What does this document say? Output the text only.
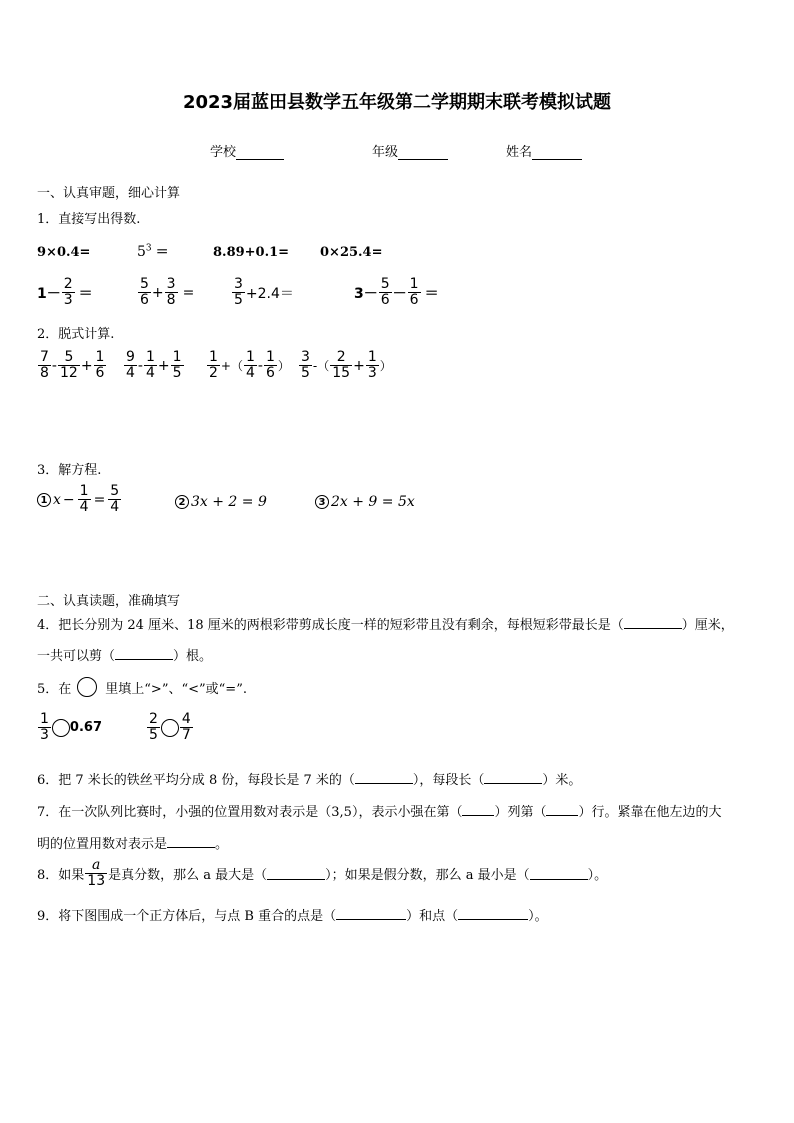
2023届蓝田县数学五年级第二学期期末联考模拟试题
学校	年级	姓名
一、认真审题，细心计算
1．直接写出得数.
9×0.4=	$5^3$ ＝	8.89+0.1= 0×25.4=
$1- \frac{2}{3}$ ＝	$\frac{5}{6} + \frac{3}{8}$ =	$\frac{3}{5} +2.4=$	$3- \frac{5}{6} - \frac{1}{6}$ ＝
2．脱式计算.
$\frac{7}{8} - \frac{5}{12} + \frac{1}{6} \frac{9}{4} - \frac{1}{4} + \frac{1}{5} \frac{1}{2}$ +（ $\frac{1}{4} - \frac{1}{6}$ ） $\frac{3}{5}$ -（ $\frac{2}{15} + \frac{1}{3}$ ）
3．解方程.
1 $x - \frac{1}{4} = \frac{5}{4}$	2 3x + 2 = 9	3 2x + 9 = 5x
二、认真读题，准确填写
4．把长分别为 24 厘米、18 厘米的两根彩带剪成长度一样的短彩带且没有剩余，每根短彩带最长是（	）厘米，
一共可以剪（	）根。
5．在	里填上“>”、“<”或“=”.
$\frac{1}{3} 0.67$	$\frac{2}{5} \frac{4}{7}$
6．把 7 米长的铁丝平均分成 8 份，每段长是 7 米的（	），每段长（	）米。
7．在一次队列比赛时，小强的位置用数对表示是（3,5），表示小强在第（ ）列第（ ）行。紧靠在他左边的大
明的位置用数对表示是	。
8．如果 $\frac{a}{13}$ 是真分数，那么 a 最大是（	）；如果是假分数，那么 a 最小是（	）。
9．将下图围成一个正方体后，与点 B 重合的点是（	）和点（	）。
